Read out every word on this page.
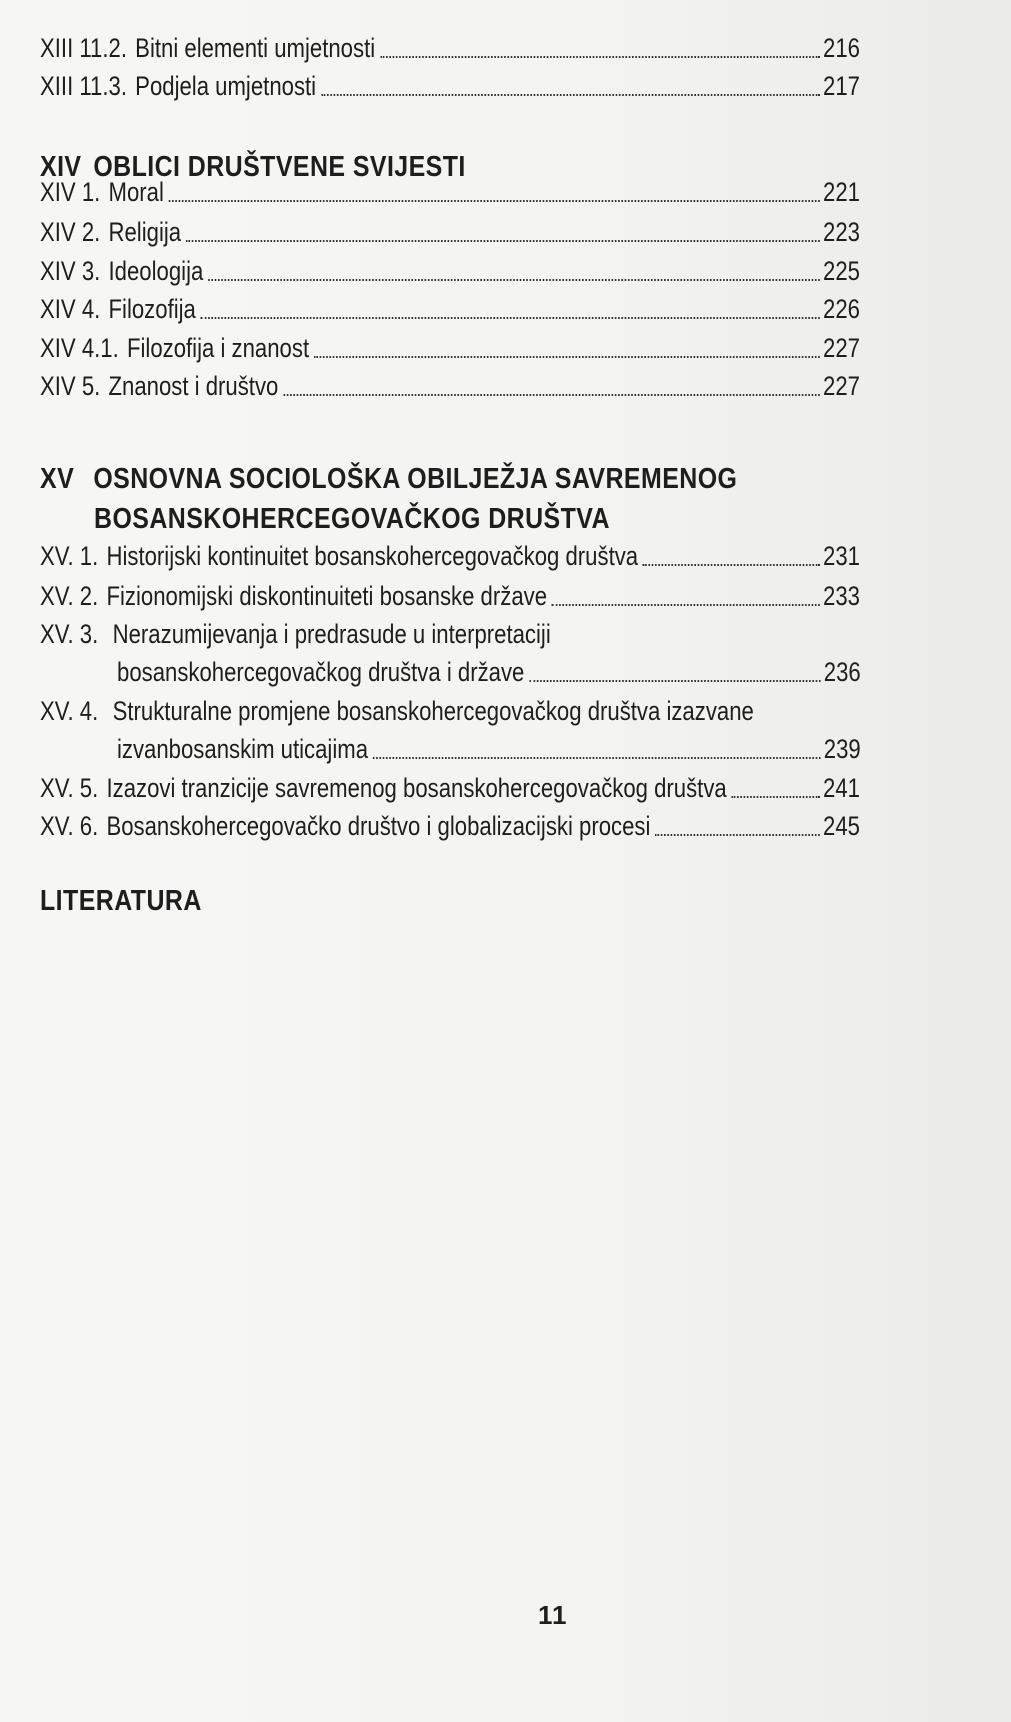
XIII 11.2. Bitni elementi umjetnosti	216
XIII 11.3. Podjela umjetnosti	217
XIV OBLICI DRUŠTVENE SVIJESTI
XIV 1. Moral	221
XIV 2. Religija	223
XIV 3. Ideologija	225
XIV 4. Filozofija	226
XIV 4.1. Filozofija i znanost	227
XIV 5. Znanost i društvo	227
XV OSNOVNA SOCIOLOŠKA OBILJEŽJA SAVREMENOG
BOSANSKOHERCEGOVAČKOG DRUŠTVA
XV. 1. Historijski kontinuitet bosanskohercegovačkog društva	231
XV. 2. Fizionomijski diskontinuiteti bosanske države	233
XV. 3. Nerazumijevanja i predrasude u interpretaciji
bosanskohercegovačkog društva i države	236
XV. 4. Strukturalne promjene bosanskohercegovačkog društva izazvane
izvanbosanskim uticajima	239
XV. 5. Izazovi tranzicije savremenog bosanskohercegovačkog društva	241
XV. 6. Bosanskohercegovačko društvo i globalizacijski procesi	245
LITERATURA
11
